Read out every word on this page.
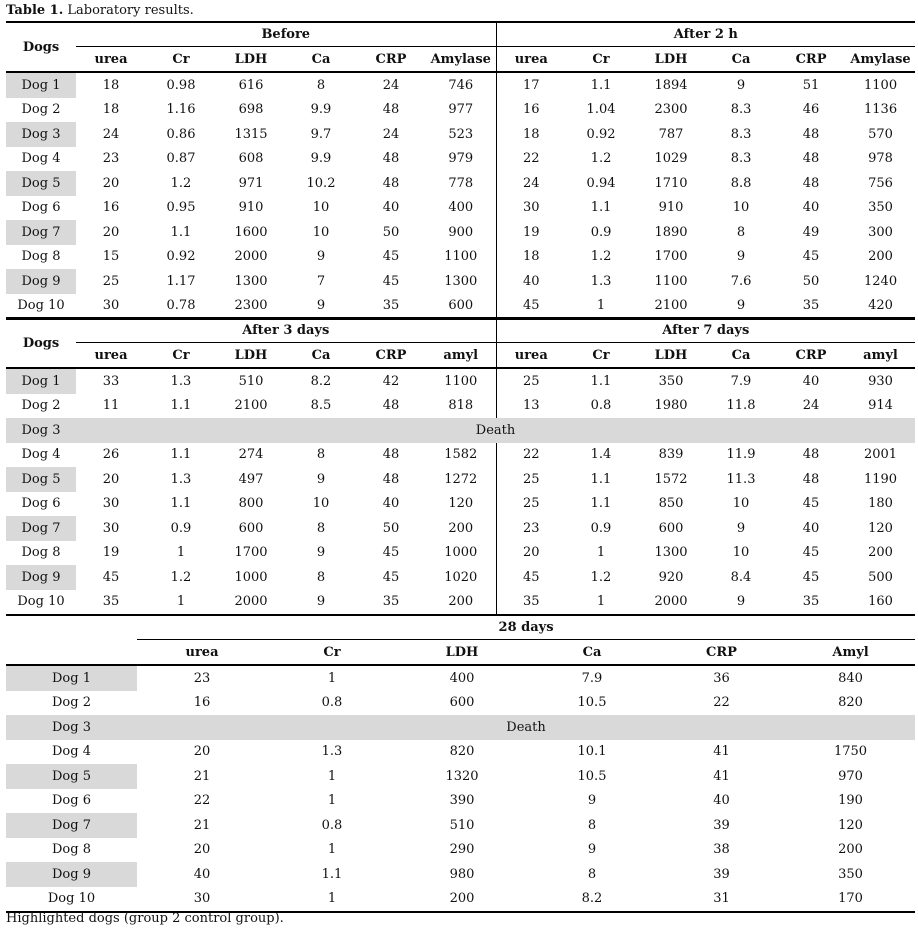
Table 1. Laboratory results.
Dogs	Before						After 2 h					
	urea	Cr	LDH	Ca	CRP	Amylase	urea	Cr	LDH	Ca	CRP	Amylase
Dog 1	18	0.98	616	8	24	746	17	1.1	1894	9	51	1100
Dog 2	18	1.16	698	9.9	48	977	16	1.04	2300	8.3	46	1136
Dog 3	24	0.86	1315	9.7	24	523	18	0.92	787	8.3	48	570
Dog 4	23	0.87	608	9.9	48	979	22	1.2	1029	8.3	48	978
Dog 5	20	1.2	971	10.2	48	778	24	0.94	1710	8.8	48	756
Dog 6	16	0.95	910	10	40	400	30	1.1	910	10	40	350
Dog 7	20	1.1	1600	10	50	900	19	0.9	1890	8	49	300
Dog 8	15	0.92	2000	9	45	1100	18	1.2	1700	9	45	200
Dog 9	25	1.17	1300	7	45	1300	40	1.3	1100	7.6	50	1240
Dog 10	30	0.78	2300	9	35	600	45	1	2100	9	35	420
Dogs	After 3 days						After 7 days					
	urea	Cr	LDH	Ca	CRP	amyl	urea	Cr	LDH	Ca	CRP	amyl
Dog 1	33	1.3	510	8.2	42	1100	25	1.1	350	7.9	40	930
Dog 2	11	1.1	2100	8.5	48	818	13	0.8	1980	11.8	24	914
Dog 3	Death											
Dog 4	26	1.1	274	8	48	1582	22	1.4	839	11.9	48	2001
Dog 5	20	1.3	497	9	48	1272	25	1.1	1572	11.3	48	1190
Dog 6	30	1.1	800	10	40	120	25	1.1	850	10	45	180
Dog 7	30	0.9	600	8	50	200	23	0.9	600	9	40	120
Dog 8	19	1	1700	9	45	1000	20	1	1300	10	45	200
Dog 9	45	1.2	1000	8	45	1020	45	1.2	920	8.4	45	500
Dog 10	35	1	2000	9	35	200	35	1	2000	9	35	160
	28 days					
	urea	Cr	LDH	Ca	CRP	Amyl
Dog 1	23	1	400	7.9	36	840
Dog 2	16	0.8	600	10.5	22	820
Dog 3	Death					
Dog 4	20	1.3	820	10.1	41	1750
Dog 5	21	1	1320	10.5	41	970
Dog 6	22	1	390	9	40	190
Dog 7	21	0.8	510	8	39	120
Dog 8	20	1	290	9	38	200
Dog 9	40	1.1	980	8	39	350
Dog 10	30	1	200	8.2	31	170
Highlighted dogs (group 2 control group).
